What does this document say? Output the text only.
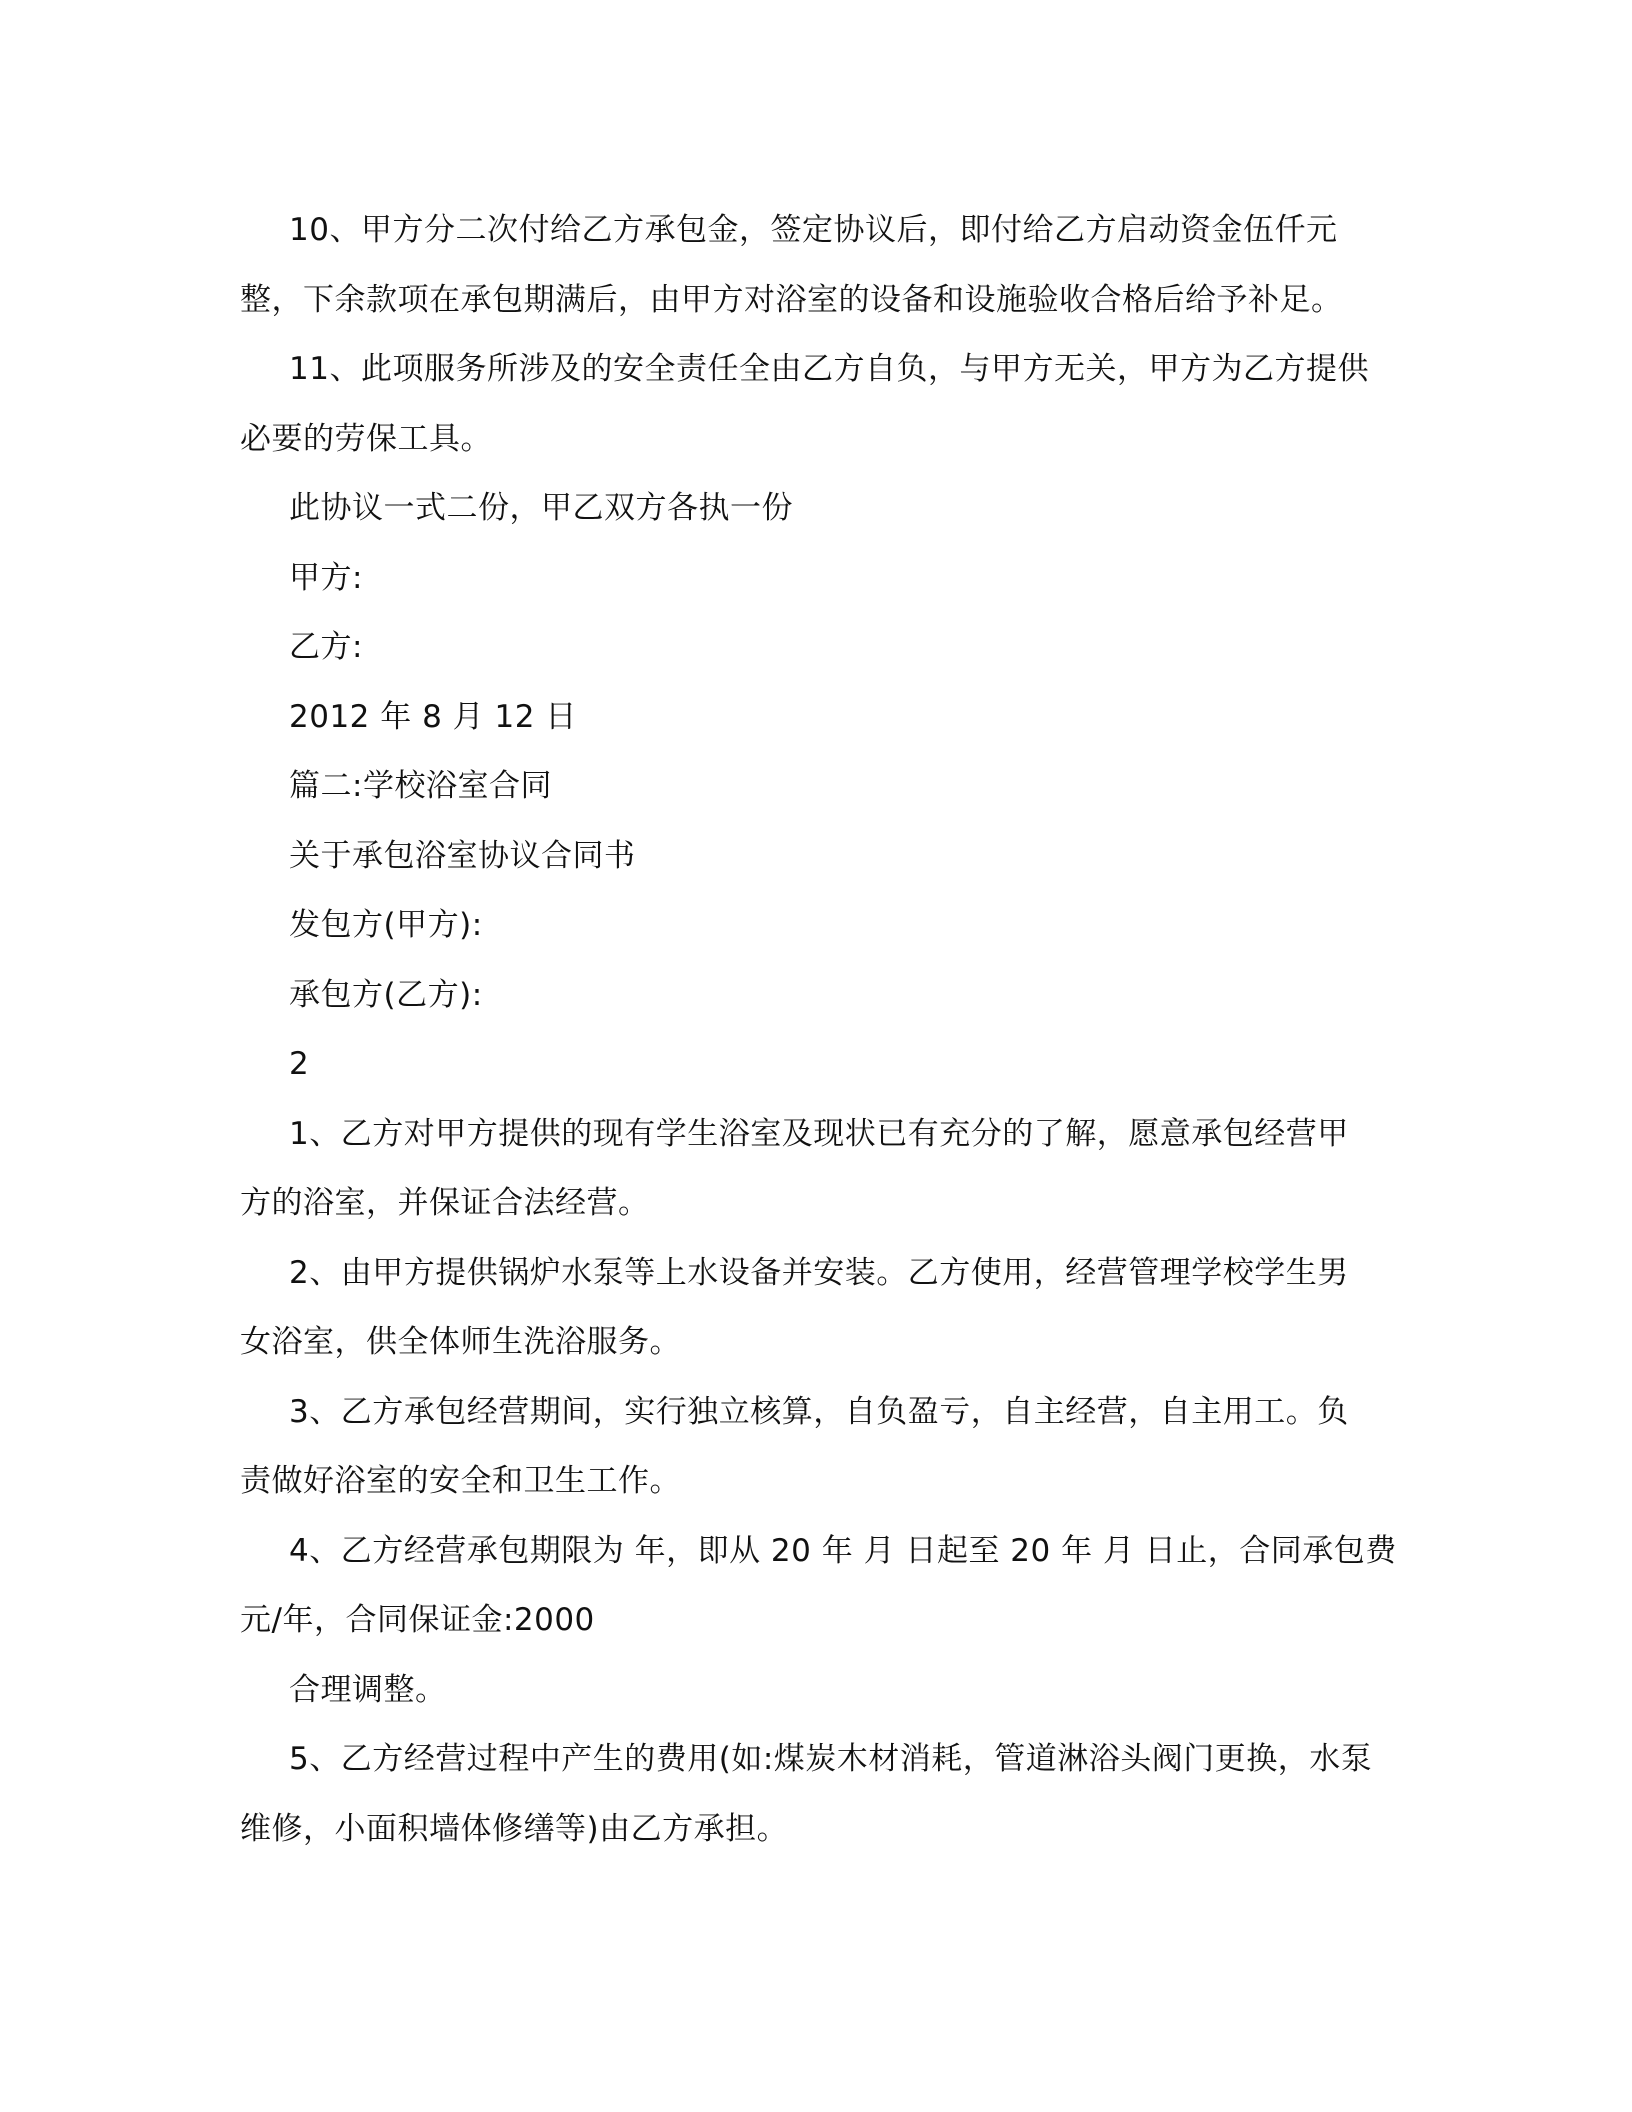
10、甲方分二次付给乙方承包金，签定协议后，即付给乙方启动资金伍仟元
整，下余款项在承包期满后，由甲方对浴室的设备和设施验收合格后给予补足。
11、此项服务所涉及的安全责任全由乙方自负，与甲方无关，甲方为乙方提供
必要的劳保工具。
此协议一式二份，甲乙双方各执一份
甲方:
乙方:
2012 年 8 月 12 日
篇二:学校浴室合同
关于承包浴室协议合同书
发包方(甲方):
承包方(乙方):
2
1、乙方对甲方提供的现有学生浴室及现状已有充分的了解，愿意承包经营甲
方的浴室，并保证合法经营。
2、由甲方提供锅炉水泵等上水设备并安装。乙方使用，经营管理学校学生男
女浴室，供全体师生洗浴服务。
3、乙方承包经营期间，实行独立核算，自负盈亏，自主经营，自主用工。负
责做好浴室的安全和卫生工作。
4、乙方经营承包期限为 年，即从 20 年 月 日起至 20 年 月 日止，合同承包费
元/年，合同保证金:2000
合理调整。
5、乙方经营过程中产生的费用(如:煤炭木材消耗，管道淋浴头阀门更换，水泵
维修，小面积墙体修缮等)由乙方承担。
